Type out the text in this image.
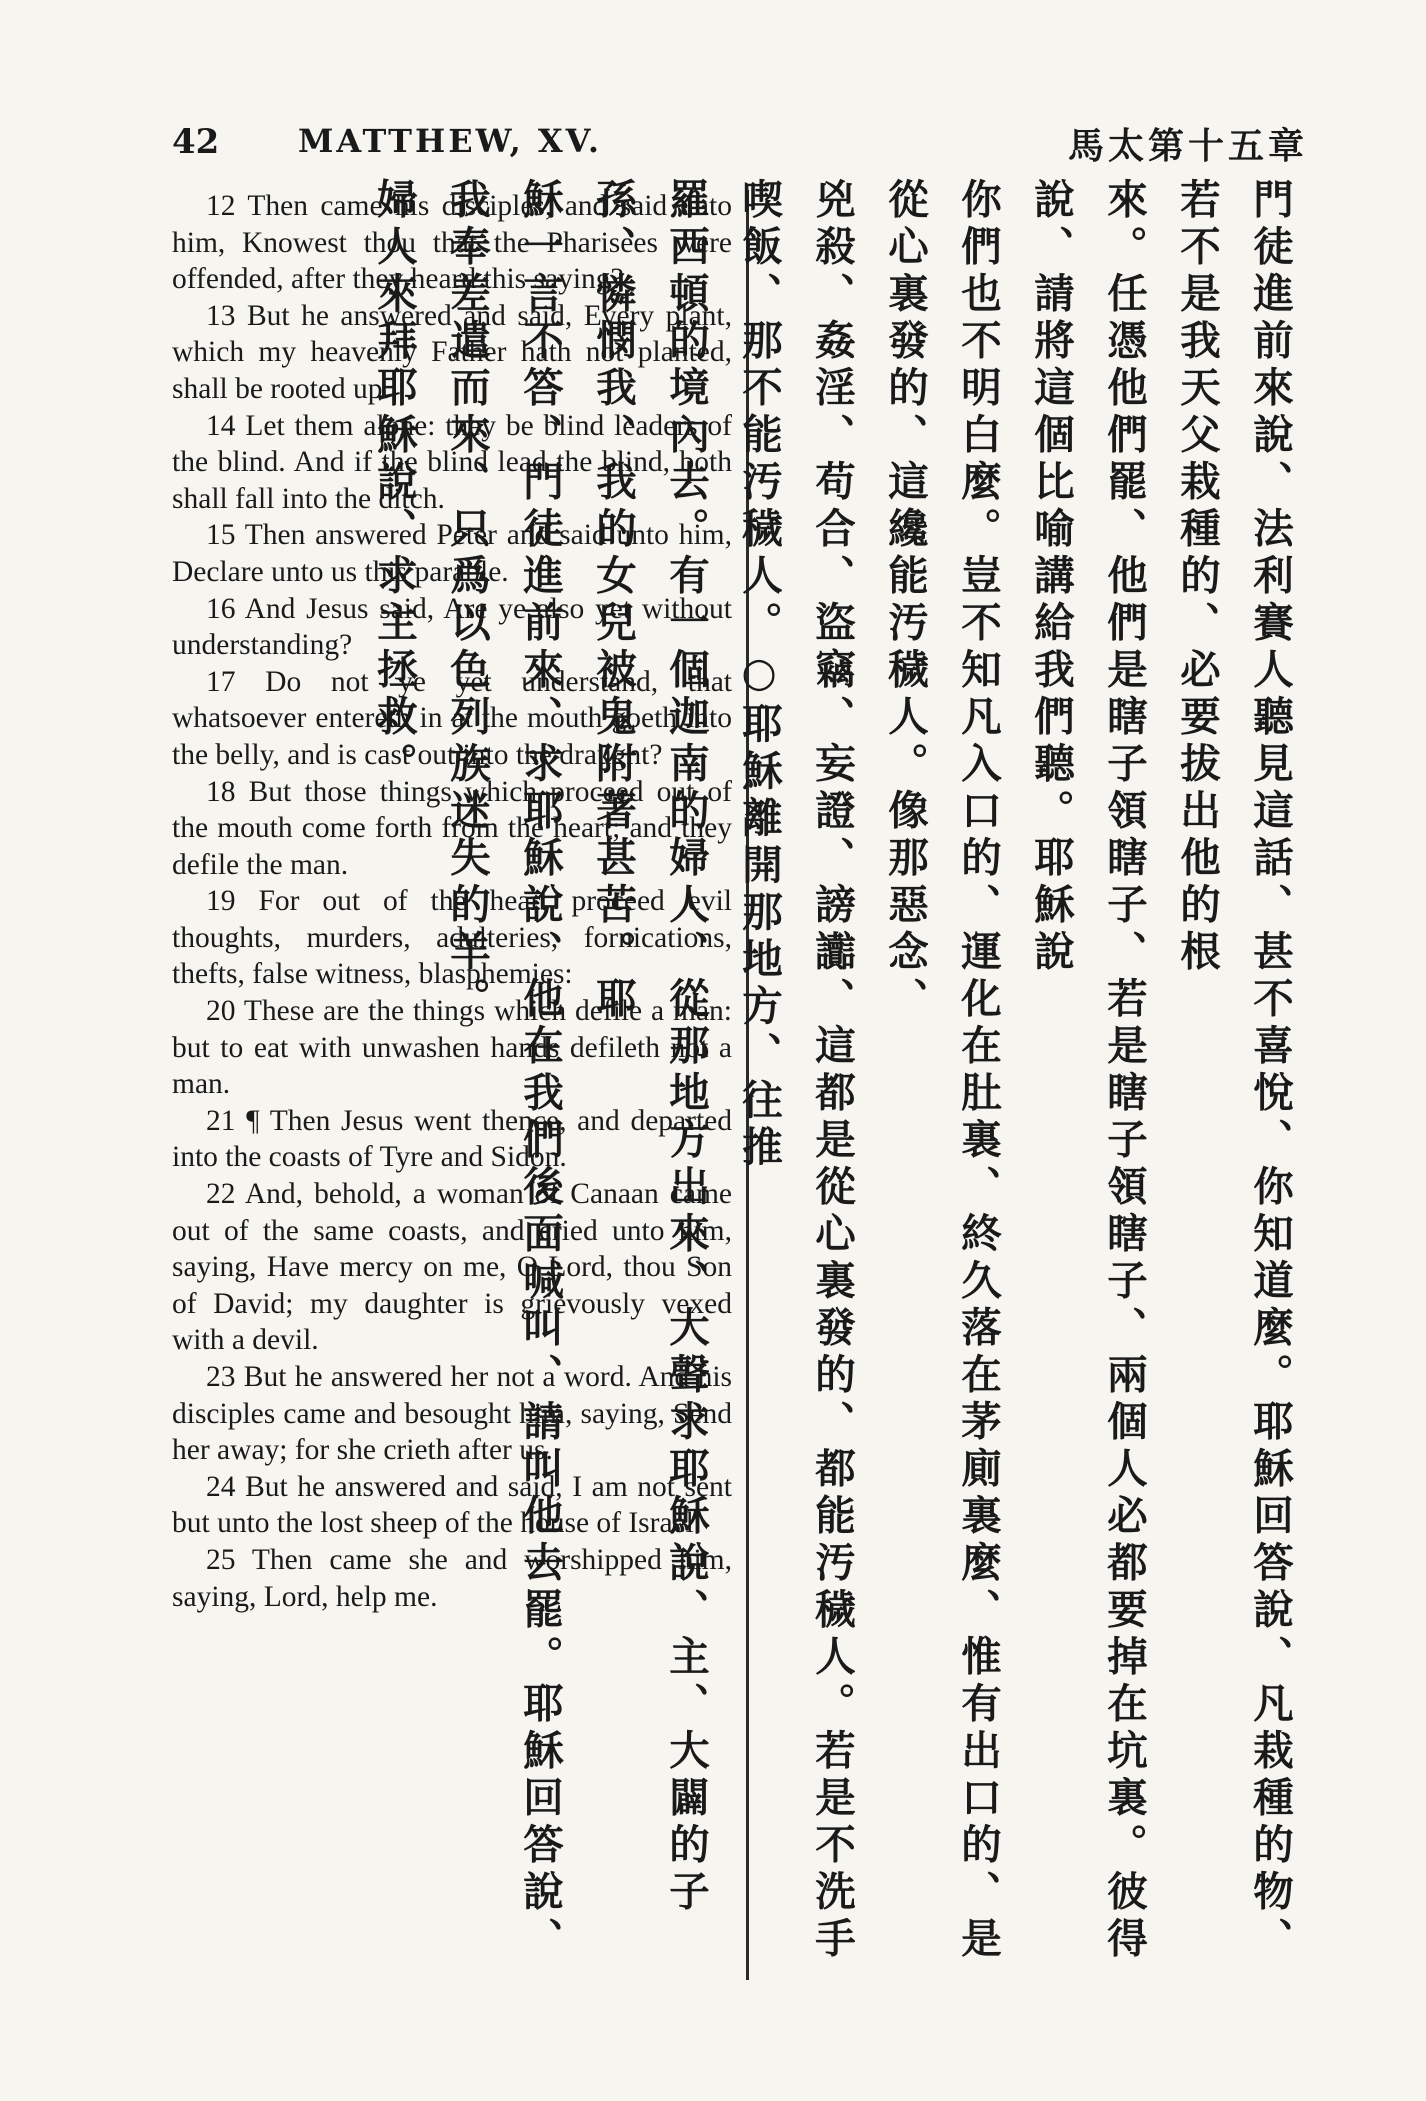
42 MATTHEW, XV.	馬太第十五章

12 Then came his disciples, and said unto him, Knowest thou that the Pharisees were offended, after they heard this saying?

13 But he answered and said, Every plant, which my heavenly Father hath not planted, shall be rooted up.

14 Let them alone: they be blind leaders of the blind. And if the blind lead the blind, both shall fall into the ditch.

15 Then answered Peter and said unto him, Declare unto us this parable.

16 And Jesus said, Are ye also yet without understanding?

17 Do not ye yet understand, that whatsoever entereth in at the mouth goeth into the belly, and is cast out into the draught?

18 But those things which proceed out of the mouth come forth from the heart; and they defile the man.

19 For out of the heart proceed evil thoughts, murders, adulteries, fornications, thefts, false witness, blasphemies:

20 These are the things which defile a man: but to eat with unwashen hands defileth not a man.

21 ¶ Then Jesus went thence, and departed into the coasts of Tyre and Sidon.

22 And, behold, a woman of Canaan came out of the same coasts, and cried unto him, saying, Have mercy on me, O Lord, thou Son of David; my daughter is grievously vexed with a devil.

23 But he answered her not a word. And his disciples came and besought him, saying, Send her away; for she crieth after us.

24 But he answered and said, I am not sent but unto the lost sheep of the house of Israel.

25 Then came she and worshipped him, saying, Lord, help me.	門徒進前來說、法利賽人聽見這話、甚不喜悅、你知道麼。耶穌回答說、凡栽種的物、若不是我天父栽種的、必要拔出他的根

來。任憑他們罷、他們是瞎子領瞎子、若是瞎子領瞎子、兩個人必都要掉在坑裏。彼得說、請將這個比喻講給我們聽。耶穌說

你們也不明白麼。豈不知凡入口的、運化在肚裏、終久落在茅廁裏麼、惟有出口的、是從心裏發的、這纔能汚穢人。像那惡念、

兇殺、姦淫、苟合、盜竊、妄證、謗讟、這都是從心裏發的、都能汚穢人。若是不洗手喫飯、那不能汚穢人。○耶穌離開那地方、往推

羅西頓的境內去。有一個迦南的婦人、從那地方出來、大聲求耶穌說、主、大闢的子孫、憐憫我、我的女兒被鬼附著甚苦。耶

穌一言不答、門徒進前來、求耶穌說、他在我們後面喊叫、請叫他去罷。耶穌回答說、我奉差遣而來、只爲以色列族迷失的羊。

婦人來拜耶穌說、求主拯救。
